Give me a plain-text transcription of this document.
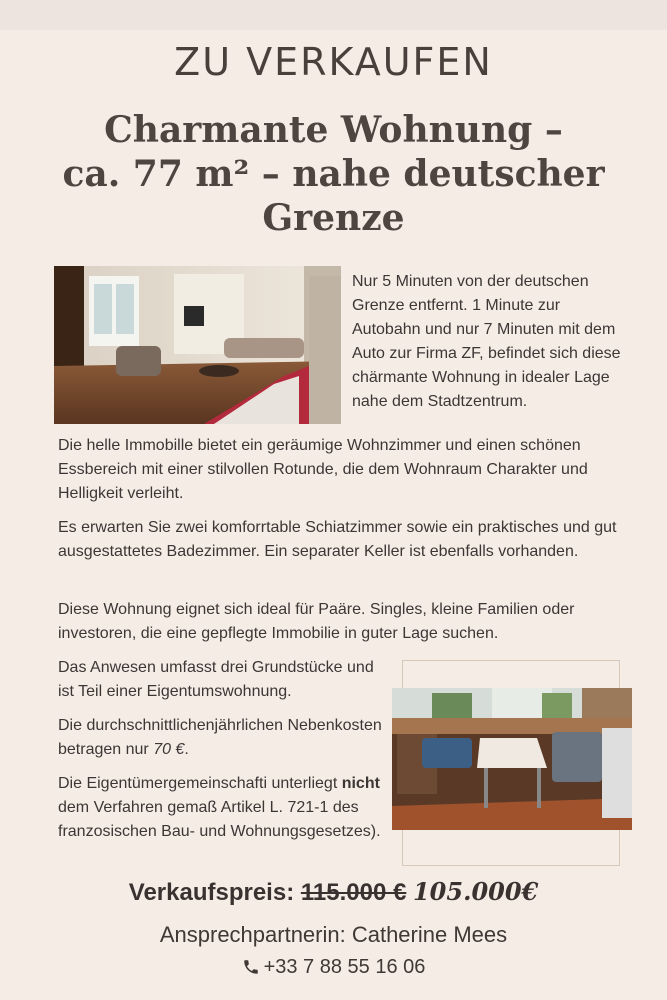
ZU VERKAUFEN
Charmante Wohnung –
ca. 77 m² – nahe deutscher
Grenze

Nur 5 Minuten von der deutschen Grenze entfernt. 1 Minute zur Autobahn und nur 7 Minuten mit dem Auto zur Firma ZF, befindet sich diese chärmante Wohnung in idealer Lage nahe dem Stadtzentrum.

Die helle Immobille bietet ein geräumige Wohnzimmer und einen schönen Essbereich mit einer stilvollen Rotunde, die dem Wohnraum Charakter und Helligkeit verleiht.

Es erwarten Sie zwei komforrtable Schiatzimmer sowie ein praktisches und gut ausgestattetes Badezimmer. Ein separater Keller ist ebenfalls vorhanden.

Diese Wohnung eignet sich ideal für Paäre. Singles, kleine Familien oder investoren, die eine gepflegte Immobilie in guter Lage suchen.

Das Anwesen umfasst drei Grundstücke und ist Teil einer Eigentumswohnung.

Die durchschnittlichenjährlichen Nebenkosten betragen nur 70 €.

Die Eigentümergemeinschafti unterliegt nicht dem Verfahren gemaß Artikel L. 721-1 des franzosischen Bau- und Wohnungsgesetzes).

Verkaufspreis: 115.000 € 105.000€
Ansprechpartnerin: Catherine Mees
+33 7 88 55 16 06
